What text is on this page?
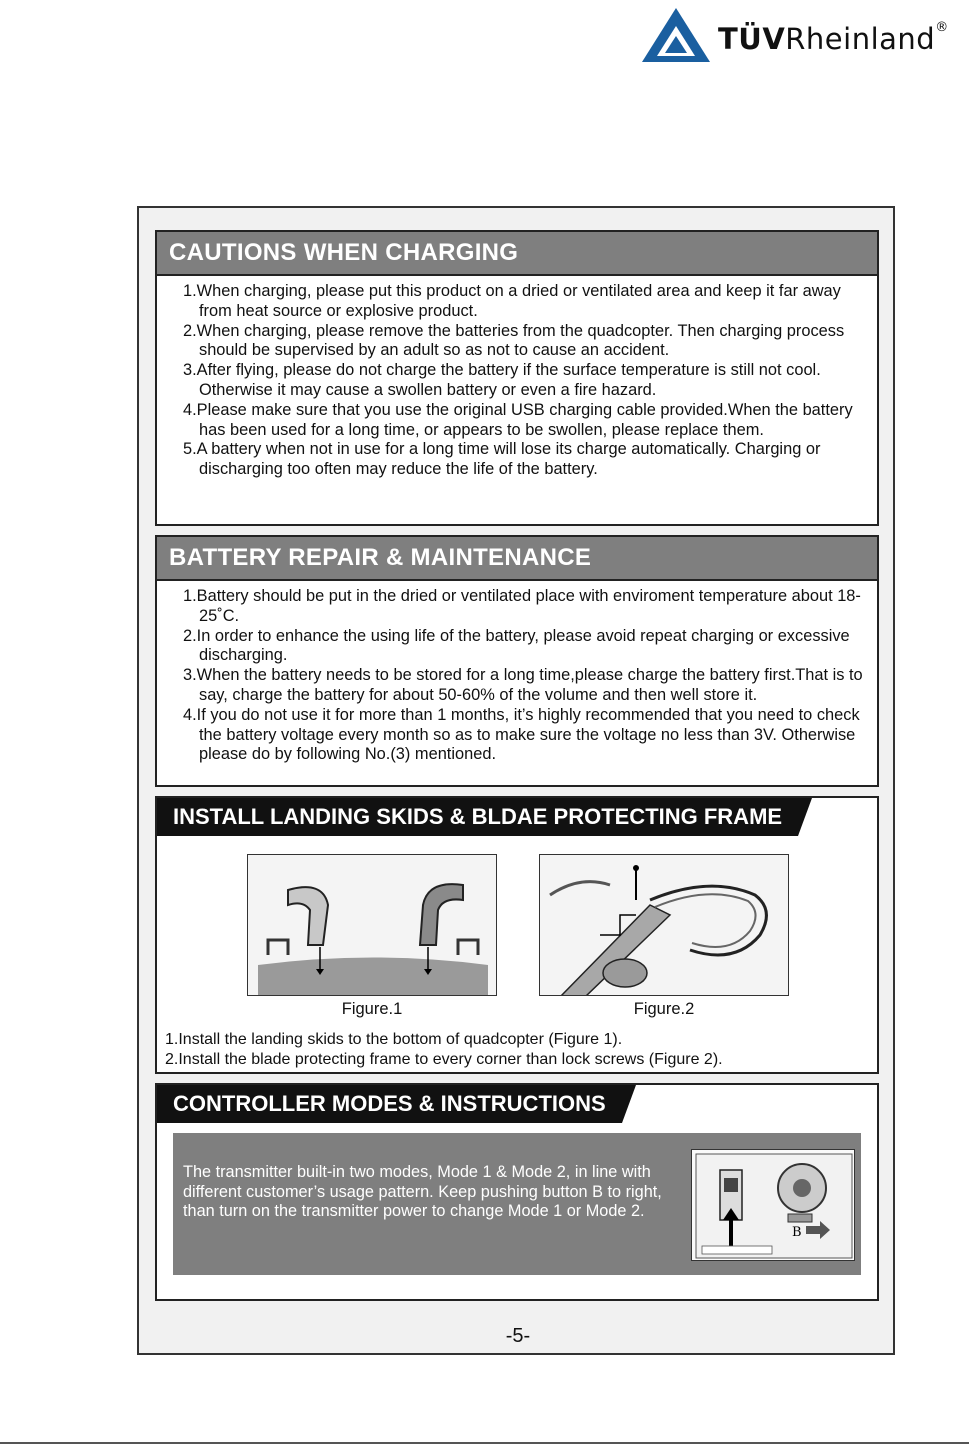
TÜVRheinland®
CAUTIONS WHEN CHARGING
1.When charging, please put this product on a dried or ventilated area and keep it far away from heat source or explosive product.
2.When charging, please remove the batteries from the quadcopter. Then charging process should be supervised by an adult so as not to cause an accident.
3.After flying, please do not charge the battery if the surface temperature is still not cool. Otherwise it may cause a swollen battery or even a fire hazard.
4.Please make sure that you use the original USB charging cable provided.When the battery has been used for a long time, or appears to be swollen, please replace them.
5.A battery when not in use for a long time will lose its charge automatically. Charging or discharging too often may reduce the life of the battery.
BATTERY REPAIR & MAINTENANCE
1.Battery should be put in the dried or ventilated place with enviroment temperature about 18-25˚C.
2.In order to enhance the using life of the battery, please avoid repeat charging or excessive discharging.
3.When the battery needs to be stored for a long time,please charge the battery first.That is to say, charge the battery for about 50-60% of the volume and then well store it.
4.If you do not use it for more than 1 months, it’s highly recommended that you need to check the battery voltage every month so as to make sure the voltage no less than 3V. Otherwise please do by following No.(3) mentioned.
INSTALL LANDING SKIDS & BLDAE PROTECTING FRAME
Figure.1	Figure.2
1.Install the landing skids to the bottom of quadcopter (Figure 1).
2.Install the blade protecting frame to every corner than lock screws (Figure 2).
CONTROLLER MODES & INSTRUCTIONS
The transmitter built-in two modes, Mode 1 & Mode 2, in line with different customer’s usage pattern. Keep pushing button B to right, than turn on the transmitter power to change Mode 1 or Mode 2.
B
-5-
